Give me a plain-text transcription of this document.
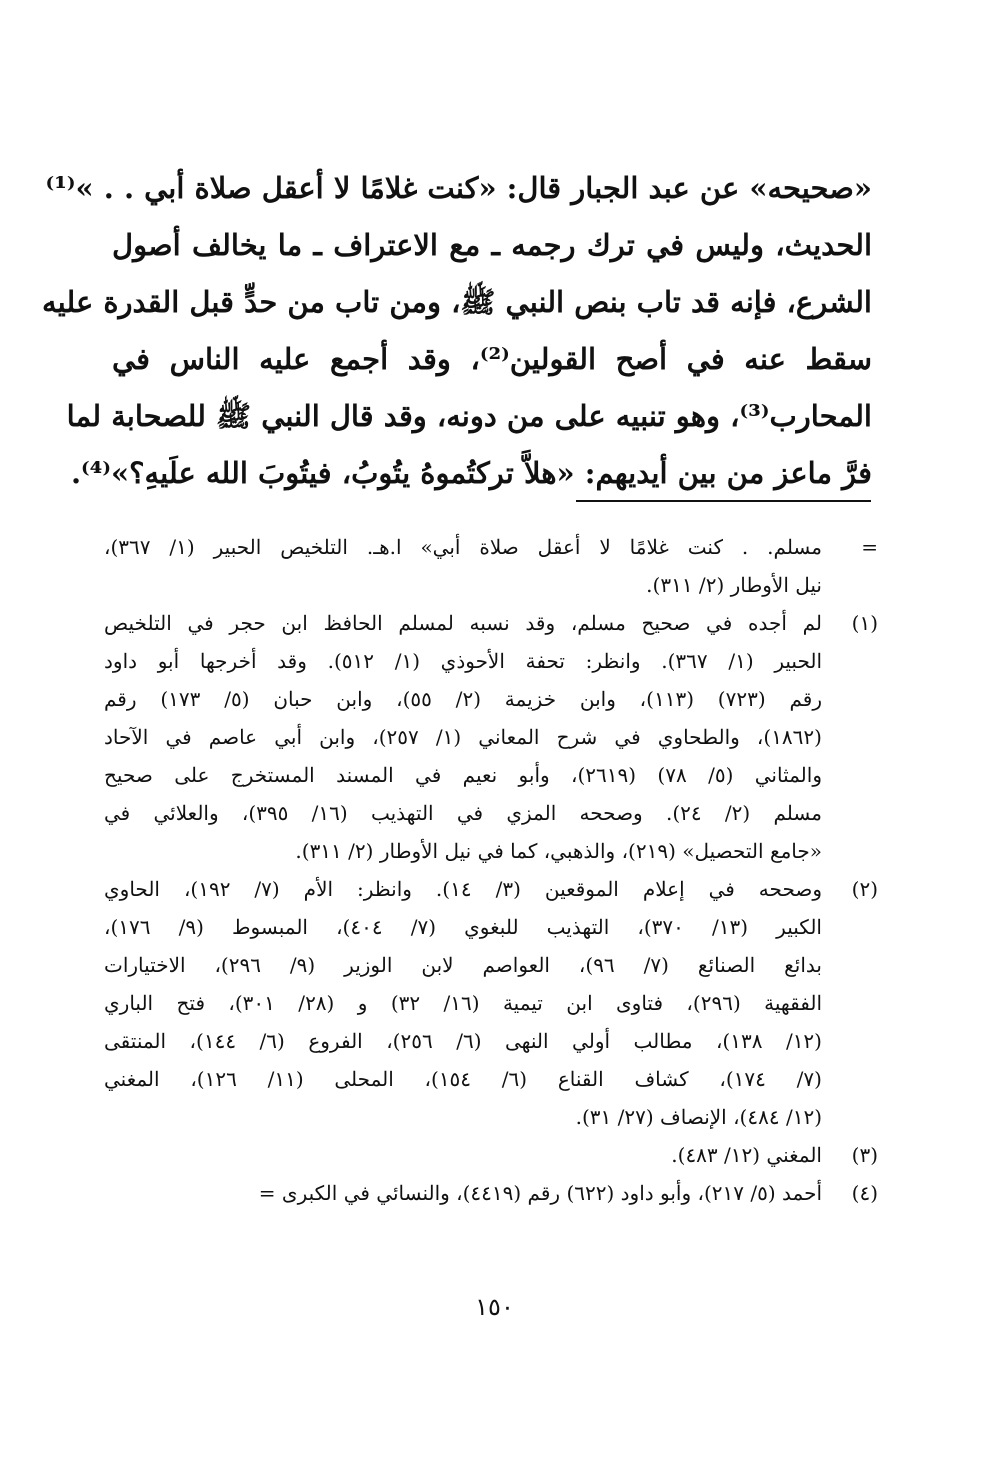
«صحيحه» عن عبد الجبار قال: «كنت غلامًا لا أعقل صلاة أبي . . »⁽¹⁾
الحديث، وليس في ترك رجمه ـ مع الاعتراف ـ ما يخالف أصول
الشرع، فإنه قد تاب بنص النبي ﷺ، ومن تاب من حدٍّ قبل القدرة عليه
سقط عنه في أصح القولين⁽²⁾، وقد أجمع عليه الناس في
المحارب⁽³⁾، وهو تنبيه على من دونه، وقد قال النبي ﷺ للصحابة لما
فرَّ ماعز من بين أيديهم: «هلاَّ تركتُموهُ يتُوبُ، فيتُوبَ الله علَيهِ؟»⁽⁴⁾.
=
مسلم. . كنت غلامًا لا أعقل صلاة أبي» ا.هـ. التلخيص الحبير (١/ ٣٦٧)،
نيل الأوطار (٢/ ٣١١).
(١)
لم أجده في صحيح مسلم، وقد نسبه لمسلم الحافظ ابن حجر في التلخيص
الحبير (١/ ٣٦٧). وانظر: تحفة الأحوذي (١/ ٥١٢). وقد أخرجها أبو داود
رقم (٧٢٣) (١١٣)، وابن خزيمة (٢/ ٥٥)، وابن حبان (٥/ ١٧٣) رقم
(١٨٦٢)، والطحاوي في شرح المعاني (١/ ٢٥٧)، وابن أبي عاصم في الآحاد
والمثاني (٥/ ٧٨) (٢٦١٩)، وأبو نعيم في المسند المستخرج على صحيح
مسلم (٢/ ٢٤). وصححه المزي في التهذيب (١٦/ ٣٩٥)، والعلائي في
«جامع التحصيل» (٢١٩)، والذهبي، كما في نيل الأوطار (٢/ ٣١١).
(٢)
وصححه في إعلام الموقعين (٣/ ١٤). وانظر: الأم (٧/ ١٩٢)، الحاوي
الكبير (١٣/ ٣٧٠)، التهذيب للبغوي (٧/ ٤٠٤)، المبسوط (٩/ ١٧٦)،
بدائع الصنائع (٧/ ٩٦)، العواصم لابن الوزير (٩/ ٢٩٦)، الاختيارات
الفقهية (٢٩٦)، فتاوى ابن تيمية (١٦/ ٣٢) و (٢٨/ ٣٠١)، فتح الباري
(١٢/ ١٣٨)، مطالب أولي النهى (٦/ ٢٥٦)، الفروع (٦/ ١٤٤)، المنتقى
(٧/ ١٧٤)، كشاف القناع (٦/ ١٥٤)، المحلى (١١/ ١٢٦)، المغني
(١٢/ ٤٨٤)، الإنصاف (٢٧/ ٣١).
(٣)
المغني (١٢/ ٤٨٣).
(٤)
أحمد (٥/ ٢١٧)، وأبو داود (٦٢٢) رقم (٤٤١٩)، والنسائي في الكبرى =
١٥٠
